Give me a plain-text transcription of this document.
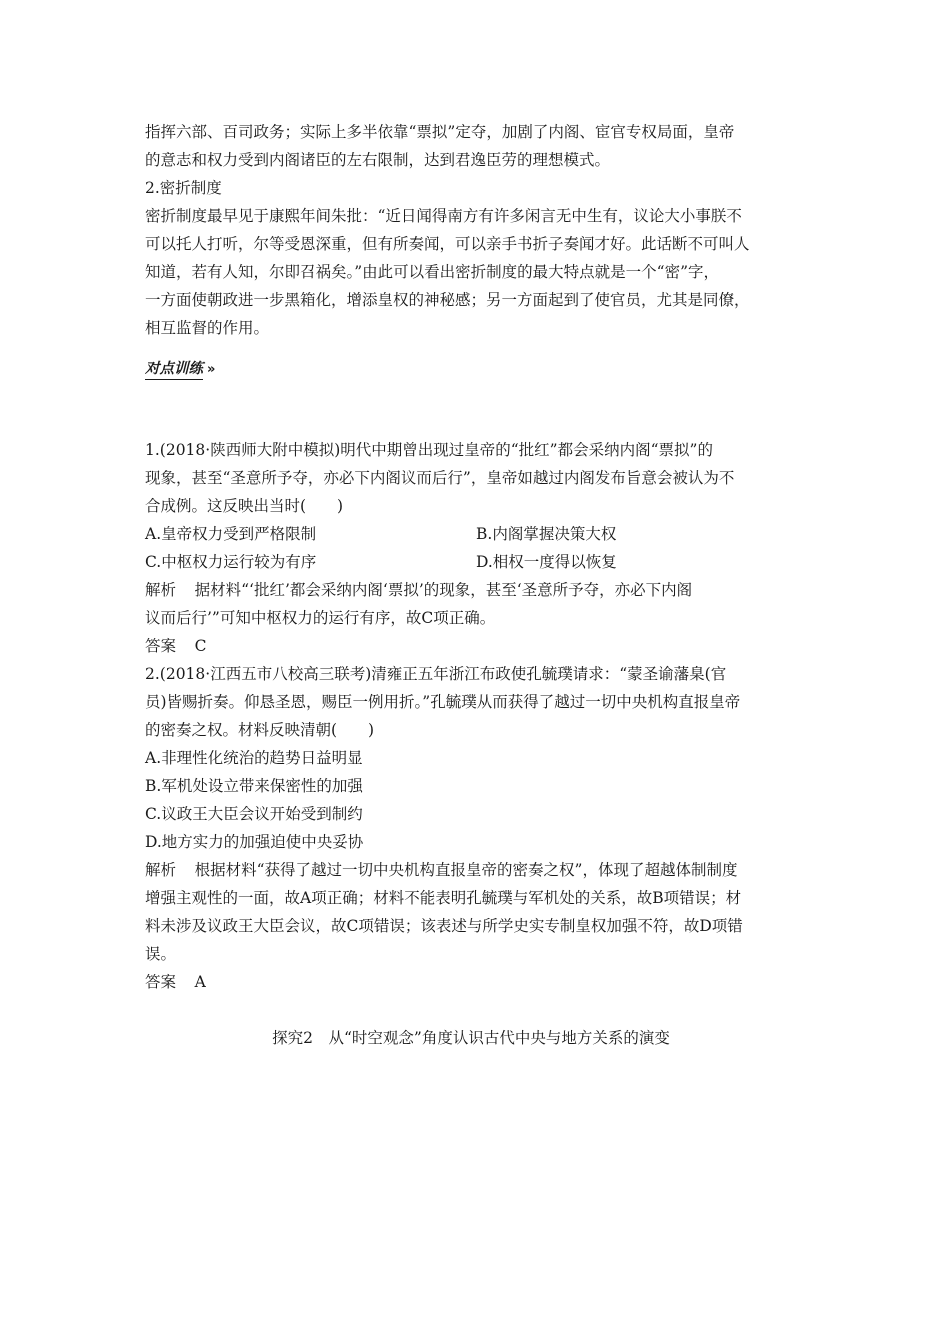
指挥六部、百司政务；实际上多半依靠“票拟”定夺，加剧了内阁、宦官专权局面，皇帝
的意志和权力受到内阁诸臣的左右限制，达到君逸臣劳的理想模式。
2.密折制度
密折制度最早见于康熙年间朱批：“近日闻得南方有许多闲言无中生有，议论大小事朕不
可以托人打听，尔等受恩深重，但有所奏闻，可以亲手书折子奏闻才好。此话断不可叫人
知道，若有人知，尔即召祸矣。”由此可以看出密折制度的最大特点就是一个“密”字，
一方面使朝政进一步黑箱化，增添皇权的神秘感；另一方面起到了使官员，尤其是同僚，
相互监督的作用。
对点训练 »
1.(2018·陕西师大附中模拟)明代中期曾出现过皇帝的“批红”都会采纳内阁“票拟”的
现象，甚至“圣意所予夺，亦必下内阁议而后行”，皇帝如越过内阁发布旨意会被认为不
合成例。这反映出当时(　　)
A.皇帝权力受到严格限制	B.内阁掌握决策大权
C.中枢权力运行较为有序	D.相权一度得以恢复
解析 据材料“‘批红’都会采纳内阁‘票拟’的现象，甚至‘圣意所予夺，亦必下内阁
议而后行’”可知中枢权力的运行有序，故C项正确。
答案 C
2.(2018·江西五市八校高三联考)清雍正五年浙江布政使孔毓璞请求：“蒙圣谕藩臬(官
员)皆赐折奏。仰恳圣恩，赐臣一例用折。”孔毓璞从而获得了越过一切中央机构直报皇帝
的密奏之权。材料反映清朝(　　)
A.非理性化统治的趋势日益明显
B.军机处设立带来保密性的加强
C.议政王大臣会议开始受到制约
D.地方实力的加强迫使中央妥协
解析 根据材料“获得了越过一切中央机构直报皇帝的密奏之权”，体现了超越体制制度
增强主观性的一面，故A项正确；材料不能表明孔毓璞与军机处的关系，故B项错误；材
料未涉及议政王大臣会议，故C项错误；该表述与所学史实专制皇权加强不符，故D项错
误。
答案 A
探究2　从“时空观念”角度认识古代中央与地方关系的演变
